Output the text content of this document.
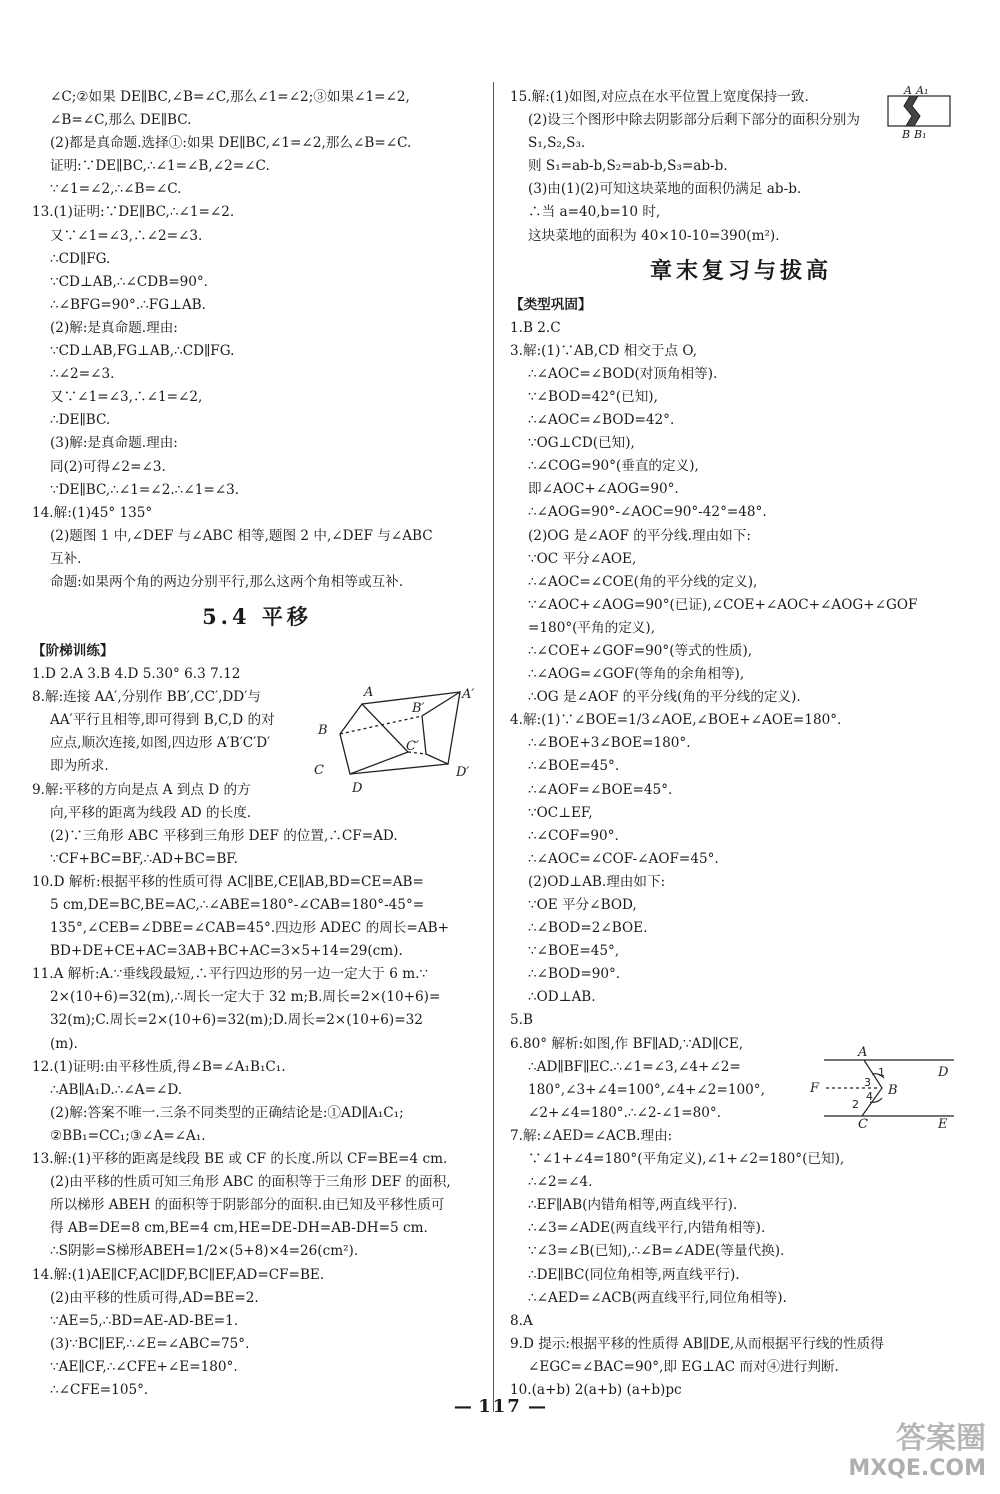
∠C;②如果 DE∥BC,∠B=∠C,那么∠1=∠2;③如果∠1=∠2,
∠B=∠C,那么 DE∥BC.
(2)都是真命题.选择①:如果 DE∥BC,∠1=∠2,那么∠B=∠C.
证明:∵DE∥BC,∴∠1=∠B,∠2=∠C.
∵∠1=∠2,∴∠B=∠C.
13.(1)证明:∵DE∥BC,∴∠1=∠2.
又∵∠1=∠3,∴∠2=∠3.
∴CD∥FG.
∵CD⊥AB,∴∠CDB=90°.
∴∠BFG=90°.∴FG⊥AB.
(2)解:是真命题.理由:
∵CD⊥AB,FG⊥AB,∴CD∥FG.
∴∠2=∠3.
又∵∠1=∠3,∴∠1=∠2,
∴DE∥BC.
(3)解:是真命题.理由:
同(2)可得∠2=∠3.
∵DE∥BC,∴∠1=∠2.∴∠1=∠3.
14.解:(1)45° 135°
(2)题图 1 中,∠DEF 与∠ABC 相等,题图 2 中,∠DEF 与∠ABC
互补.
命题:如果两个角的两边分别平行,那么这两个角相等或互补.
5.4 平移
【阶梯训练】
1.D 2.A 3.B 4.D 5.30° 6.3 7.12
8.解:连接 AA′,分别作 BB′,CC′,DD′与
AA′平行且相等,即可得到 B,C,D 的对
应点,顺次连接,如图,四边形 A′B′C′D′
即为所求.
9.解:平移的方向是点 A 到点 D 的方
向,平移的距离为线段 AD 的长度.
(2)∵三角形 ABC 平移到三角形 DEF 的位置,∴CF=AD.
∵CF+BC=BF,∴AD+BC=BF.
10.D 解析:根据平移的性质可得 AC∥BE,CE∥AB,BD=CE=AB=
5 cm,DE=BC,BE=AC,∴∠ABE=180°-∠CAB=180°-45°=
135°,∠CEB=∠DBE=∠CAB=45°.四边形 ADEC 的周长=AB+
BD+DE+CE+AC=3AB+BC+AC=3×5+14=29(cm).
11.A 解析:A.∵垂线段最短,∴平行四边形的另一边一定大于 6 m.∵
2×(10+6)=32(m),∴周长一定大于 32 m;B.周长=2×(10+6)=
32(m);C.周长=2×(10+6)=32(m);D.周长=2×(10+6)=32
(m).
12.(1)证明:由平移性质,得∠B=∠A₁B₁C₁.
∴AB∥A₁D.∴∠A=∠D.
(2)解:答案不唯一.三条不同类型的正确结论是:①AD∥A₁C₁;
②BB₁=CC₁;③∠A=∠A₁.
13.解:(1)平移的距离是线段 BE 或 CF 的长度.所以 CF=BE=4 cm.
(2)由平移的性质可知三角形 ABC 的面积等于三角形 DEF 的面积,
所以梯形 ABEH 的面积等于阴影部分的面积.由已知及平移性质可
得 AB=DE=8 cm,BE=4 cm,HE=DE-DH=AB-DH=5 cm.
∴S阴影=S梯形ABEH=1/2×(5+8)×4=26(cm²).
14.解:(1)AE∥CF,AC∥DF,BC∥EF,AD=CF=BE.
(2)由平移的性质可得,AD=BE=2.
∵AE=5,∴BD=AE-AD-BE=1.
(3)∵BC∥EF,∴∠E=∠ABC=75°.
∵AE∥CF,∴∠CFE+∠E=180°.
∴∠CFE=105°.
15.解:(1)如图,对应点在水平位置上宽度保持一致.
(2)设三个图形中除去阴影部分后剩下部分的面积分别为
S₁,S₂,S₃.
则 S₁=ab-b,S₂=ab-b,S₃=ab-b.
(3)由(1)(2)可知这块菜地的面积仍满足 ab-b.
∴当 a=40,b=10 时,
这块菜地的面积为 40×10-10=390(m²).
章末复习与拔高
【类型巩固】
1.B 2.C
3.解:(1)∵AB,CD 相交于点 O,
∴∠AOC=∠BOD(对顶角相等).
∵∠BOD=42°(已知),
∴∠AOC=∠BOD=42°.
∵OG⊥CD(已知),
∴∠COG=90°(垂直的定义),
即∠AOC+∠AOG=90°.
∴∠AOG=90°-∠AOC=90°-42°=48°.
(2)OG 是∠AOF 的平分线.理由如下:
∵OC 平分∠AOE,
∴∠AOC=∠COE(角的平分线的定义),
∵∠AOC+∠AOG=90°(已证),∠COE+∠AOC+∠AOG+∠GOF
=180°(平角的定义),
∴∠COE+∠GOF=90°(等式的性质),
∴∠AOG=∠GOF(等角的余角相等),
∴OG 是∠AOF 的平分线(角的平分线的定义).
4.解:(1)∵∠BOE=1/3∠AOE,∠BOE+∠AOE=180°.
∴∠BOE+3∠BOE=180°.
∴∠BOE=45°.
∴∠AOF=∠BOE=45°.
∵OC⊥EF,
∴∠COF=90°.
∴∠AOC=∠COF-∠AOF=45°.
(2)OD⊥AB.理由如下:
∵OE 平分∠BOD,
∴∠BOD=2∠BOE.
∵∠BOE=45°,
∴∠BOD=90°.
∴OD⊥AB.
5.B
6.80° 解析:如图,作 BF∥AD,∵AD∥CE,
∴AD∥BF∥EC.∴∠1=∠3,∠4+∠2=
180°,∠3+∠4=100°,∠4+∠2=100°,
∠2+∠4=180°.∴∠2-∠1=80°.
7.解:∠AED=∠ACB.理由:
∵∠1+∠4=180°(平角定义),∠1+∠2=180°(已知),
∴∠2=∠4.
∴EF∥AB(内错角相等,两直线平行).
∴∠3=∠ADE(两直线平行,内错角相等).
∵∠3=∠B(已知),∴∠B=∠ADE(等量代换).
∴DE∥BC(同位角相等,两直线平行).
∴∠AED=∠ACB(两直线平行,同位角相等).
8.A
9.D 提示:根据平移的性质得 AB∥DE,从而根据平行线的性质得
∠EGC=∠BAC=90°,即 EG⊥AC 而对④进行判断.
10.(a+b) 2(a+b) (a+b)pc
A
B
C
D
A′
B′
C′
D′
A A₁
B B₁
A
B
C
D
E
F
1
2
3
4
— 117 —
答案圈
MXQE.COM
